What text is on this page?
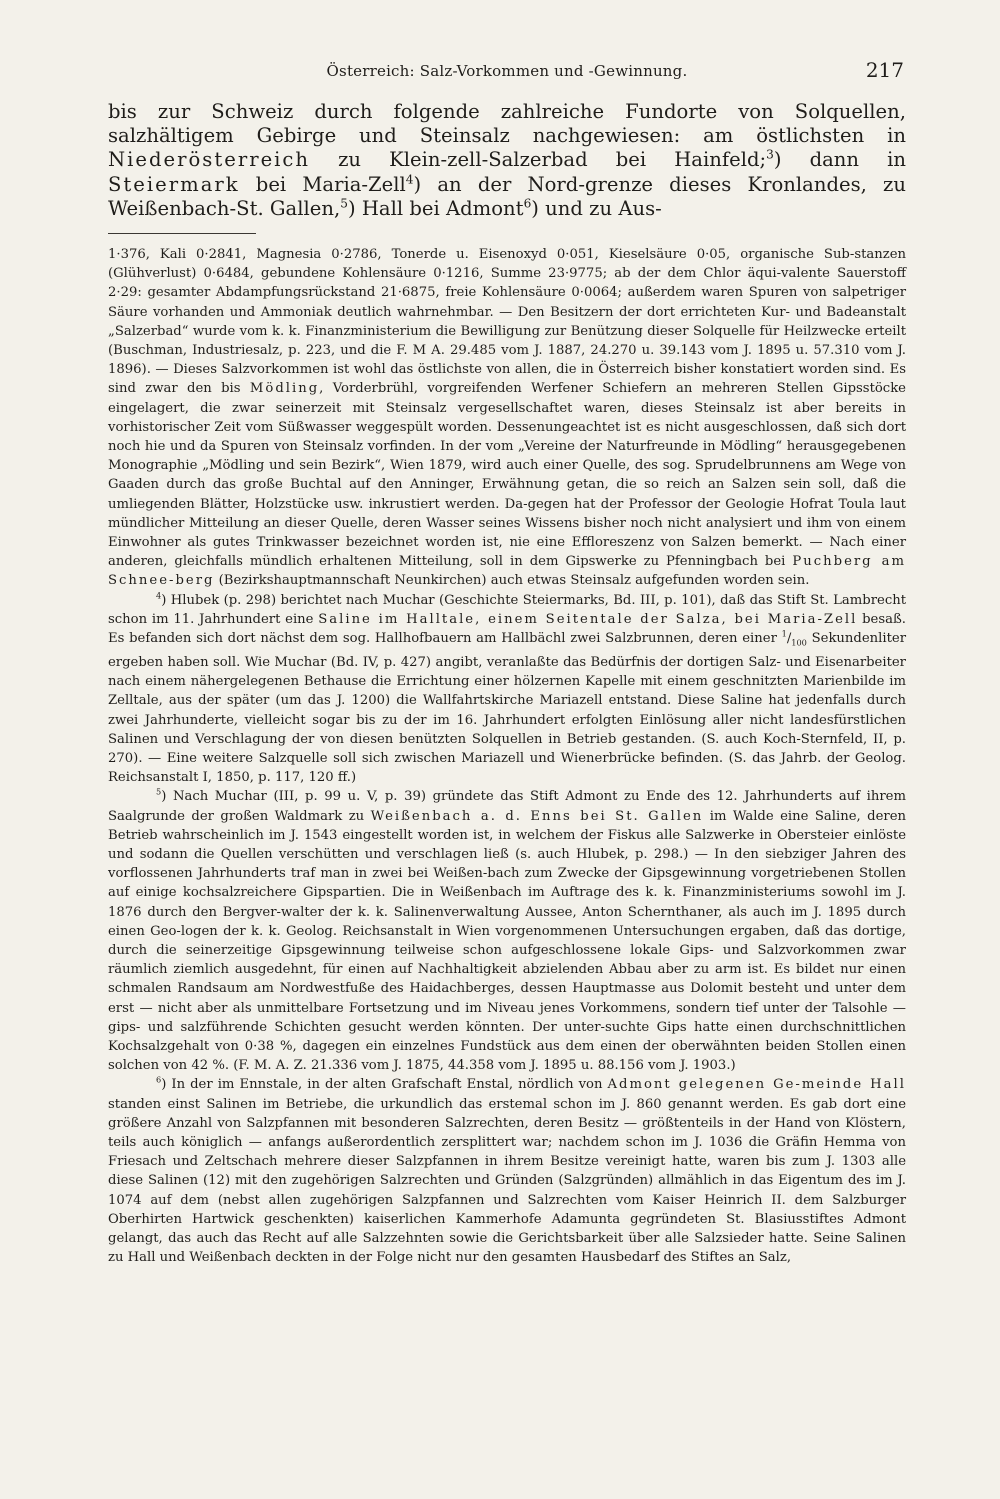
Österreich: Salz-Vorkommen und -Gewinnung.	217
bis zur Schweiz durch folgende zahlreiche Fundorte von Solquellen, salzhältigem Gebirge und Steinsalz nachgewiesen: am östlichsten in Niederösterreich zu Klein-zell-Salzerbad bei Hainfeld;$^3$) dann in Steiermark bei Maria-Zell$^4$) an der Nord-grenze dieses Kronlandes, zu Weißenbach-St. Gallen,$^5$) Hall bei Admont$^6$) und zu Aus-

1·376, Kali 0·2841, Magnesia 0·2786, Tonerde u. Eisenoxyd 0·051, Kieselsäure 0·05, organische Sub-stanzen (Glühverlust) 0·6484, gebundene Kohlensäure 0·1216, Summe 23·9775; ab der dem Chlor äqui-valente Sauerstoff 2·29: gesamter Abdampfungsrückstand 21·6875, freie Kohlensäure 0·0064; außerdem waren Spuren von salpetriger Säure vorhanden und Ammoniak deutlich wahrnehmbar. — Den Besitzern der dort errichteten Kur- und Badeanstalt „Salzerbad“ wurde vom k. k. Finanzministerium die Bewilligung zur Benützung dieser Solquelle für Heilzwecke erteilt (Buschman, Industriesalz, p. 223, und die F. M A. 29.485 vom J. 1887, 24.270 u. 39.143 vom J. 1895 u. 57.310 vom J. 1896). — Dieses Salzvorkommen ist wohl das östlichste von allen, die in Österreich bisher konstatiert worden sind. Es sind zwar den bis Mödling, Vorderbrühl, vorgreifenden Werfener Schiefern an mehreren Stellen Gipsstöcke eingelagert, die zwar seinerzeit mit Steinsalz vergesellschaftet waren, dieses Steinsalz ist aber bereits in vorhistorischer Zeit vom Süßwasser weggespült worden. Dessenungeachtet ist es nicht ausgeschlossen, daß sich dort noch hie und da Spuren von Steinsalz vorfinden. In der vom „Vereine der Naturfreunde in Mödling“ herausgegebenen Monographie „Mödling und sein Bezirk“, Wien 1879, wird auch einer Quelle, des sog. Sprudelbrunnens am Wege von Gaaden durch das große Buchtal auf den Anninger, Erwähnung getan, die so reich an Salzen sein soll, daß die umliegenden Blätter, Holzstücke usw. inkrustiert werden. Da-gegen hat der Professor der Geologie Hofrat Toula laut mündlicher Mitteilung an dieser Quelle, deren Wasser seines Wissens bisher noch nicht analysiert und ihm von einem Einwohner als gutes Trinkwasser bezeichnet worden ist, nie eine Effloreszenz von Salzen bemerkt. — Nach einer anderen, gleichfalls mündlich erhaltenen Mitteilung, soll in dem Gipswerke zu Pfenningbach bei Puchberg am Schnee-berg (Bezirkshauptmannschaft Neunkirchen) auch etwas Steinsalz aufgefunden worden sein.

$^4$) Hlubek (p. 298) berichtet nach Muchar (Geschichte Steiermarks, Bd. III, p. 101), daß das Stift St. Lambrecht schon im 11. Jahrhundert eine Saline im Halltale, einem Seitentale der Salza, bei Maria-Zell besaß. Es befanden sich dort nächst dem sog. Hallhofbauern am Hallbächl zwei Salzbrunnen, deren einer $^1/_{100}$ Sekundenliter ergeben haben soll. Wie Muchar (Bd. IV, p. 427) angibt, veranlaßte das Bedürfnis der dortigen Salz- und Eisenarbeiter nach einem nähergelegenen Bethause die Errichtung einer hölzernen Kapelle mit einem geschnitzten Marienbilde im Zelltale, aus der später (um das J. 1200) die Wallfahrtskirche Mariazell entstand. Diese Saline hat jedenfalls durch zwei Jahrhunderte, vielleicht sogar bis zu der im 16. Jahrhundert erfolgten Einlösung aller nicht landesfürstlichen Salinen und Verschlagung der von diesen benützten Solquellen in Betrieb gestanden. (S. auch Koch-Sternfeld, II, p. 270). — Eine weitere Salzquelle soll sich zwischen Mariazell und Wienerbrücke befinden. (S. das Jahrb. der Geolog. Reichsanstalt I, 1850, p. 117, 120 ff.)

$^5$) Nach Muchar (III, p. 99 u. V, p. 39) gründete das Stift Admont zu Ende des 12. Jahrhunderts auf ihrem Saalgrunde der großen Waldmark zu Weißenbach a. d. Enns bei St. Gallen im Walde eine Saline, deren Betrieb wahrscheinlich im J. 1543 eingestellt worden ist, in welchem der Fiskus alle Salzwerke in Obersteier einlöste und sodann die Quellen verschütten und verschlagen ließ (s. auch Hlubek, p. 298.) — In den siebziger Jahren des vorflossenen Jahrhunderts traf man in zwei bei Weißen-bach zum Zwecke der Gipsgewinnung vorgetriebenen Stollen auf einige kochsalzreichere Gipspartien. Die in Weißenbach im Auftrage des k. k. Finanzministeriums sowohl im J. 1876 durch den Bergver-walter der k. k. Salinenverwaltung Aussee, Anton Schernthaner, als auch im J. 1895 durch einen Geo-logen der k. k. Geolog. Reichsanstalt in Wien vorgenommenen Untersuchungen ergaben, daß das dortige, durch die seinerzeitige Gipsgewinnung teilweise schon aufgeschlossene lokale Gips- und Salzvorkommen zwar räumlich ziemlich ausgedehnt, für einen auf Nachhaltigkeit abzielenden Abbau aber zu arm ist. Es bildet nur einen schmalen Randsaum am Nordwestfuße des Haidachberges, dessen Hauptmasse aus Dolomit besteht und unter dem erst — nicht aber als unmittelbare Fortsetzung und im Niveau jenes Vorkommens, sondern tief unter der Talsohle — gips- und salzführende Schichten gesucht werden könnten. Der unter-suchte Gips hatte einen durchschnittlichen Kochsalzgehalt von 0·38 %, dagegen ein einzelnes Fundstück aus dem einen der oberwähnten beiden Stollen einen solchen von 42 %. (F. M. A. Z. 21.336 vom J. 1875, 44.358 vom J. 1895 u. 88.156 vom J. 1903.)

$^6$) In der im Ennstale, in der alten Grafschaft Enstal, nördlich von Admont gelegenen Ge-meinde Hall standen einst Salinen im Betriebe, die urkundlich das erstemal schon im J. 860 genannt werden. Es gab dort eine größere Anzahl von Salzpfannen mit besonderen Salzrechten, deren Besitz — größtenteils in der Hand von Klöstern, teils auch königlich — anfangs außerordentlich zersplittert war; nachdem schon im J. 1036 die Gräfin Hemma von Friesach und Zeltschach mehrere dieser Salzpfannen in ihrem Besitze vereinigt hatte, waren bis zum J. 1303 alle diese Salinen (12) mit den zugehörigen Salzrechten und Gründen (Salzgründen) allmählich in das Eigentum des im J. 1074 auf dem (nebst allen zugehörigen Salzpfannen und Salzrechten vom Kaiser Heinrich II. dem Salzburger Oberhirten Hartwick geschenkten) kaiserlichen Kammerhofe Adamunta gegründeten St. Blasiusstiftes Admont gelangt, das auch das Recht auf alle Salzzehnten sowie die Gerichtsbarkeit über alle Salzsieder hatte. Seine Salinen zu Hall und Weißenbach deckten in der Folge nicht nur den gesamten Hausbedarf des Stiftes an Salz,
